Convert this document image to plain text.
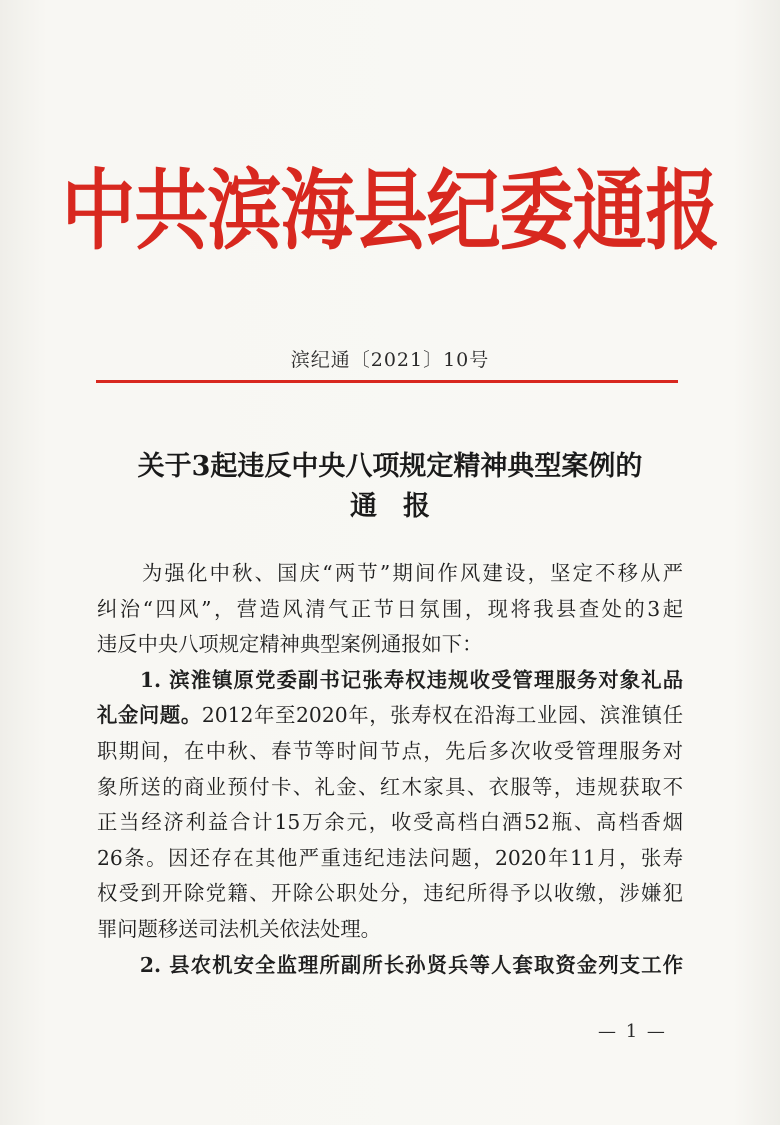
中共滨海县纪委通报
滨纪通〔2021〕10号
关于3起违反中央八项规定精神典型案例的
通报
　　为强化中秋、国庆“两节”期间作风建设，坚定不移从严
纠治“四风”，营造风清气正节日氛围，现将我县查处的3起
违反中央八项规定精神典型案例通报如下：
　　1. 滨淮镇原党委副书记张寿权违规收受管理服务对象礼品
礼金问题。2012年至2020年，张寿权在沿海工业园、滨淮镇任
职期间，在中秋、春节等时间节点，先后多次收受管理服务对
象所送的商业预付卡、礼金、红木家具、衣服等，违规获取不
正当经济利益合计15万余元，收受高档白酒52瓶、高档香烟
26条。因还存在其他严重违纪违法问题，2020年11月，张寿
权受到开除党籍、开除公职处分，违纪所得予以收缴，涉嫌犯
罪问题移送司法机关依法处理。
　　2. 县农机安全监理所副所长孙贤兵等人套取资金列支工作
— 1 —
